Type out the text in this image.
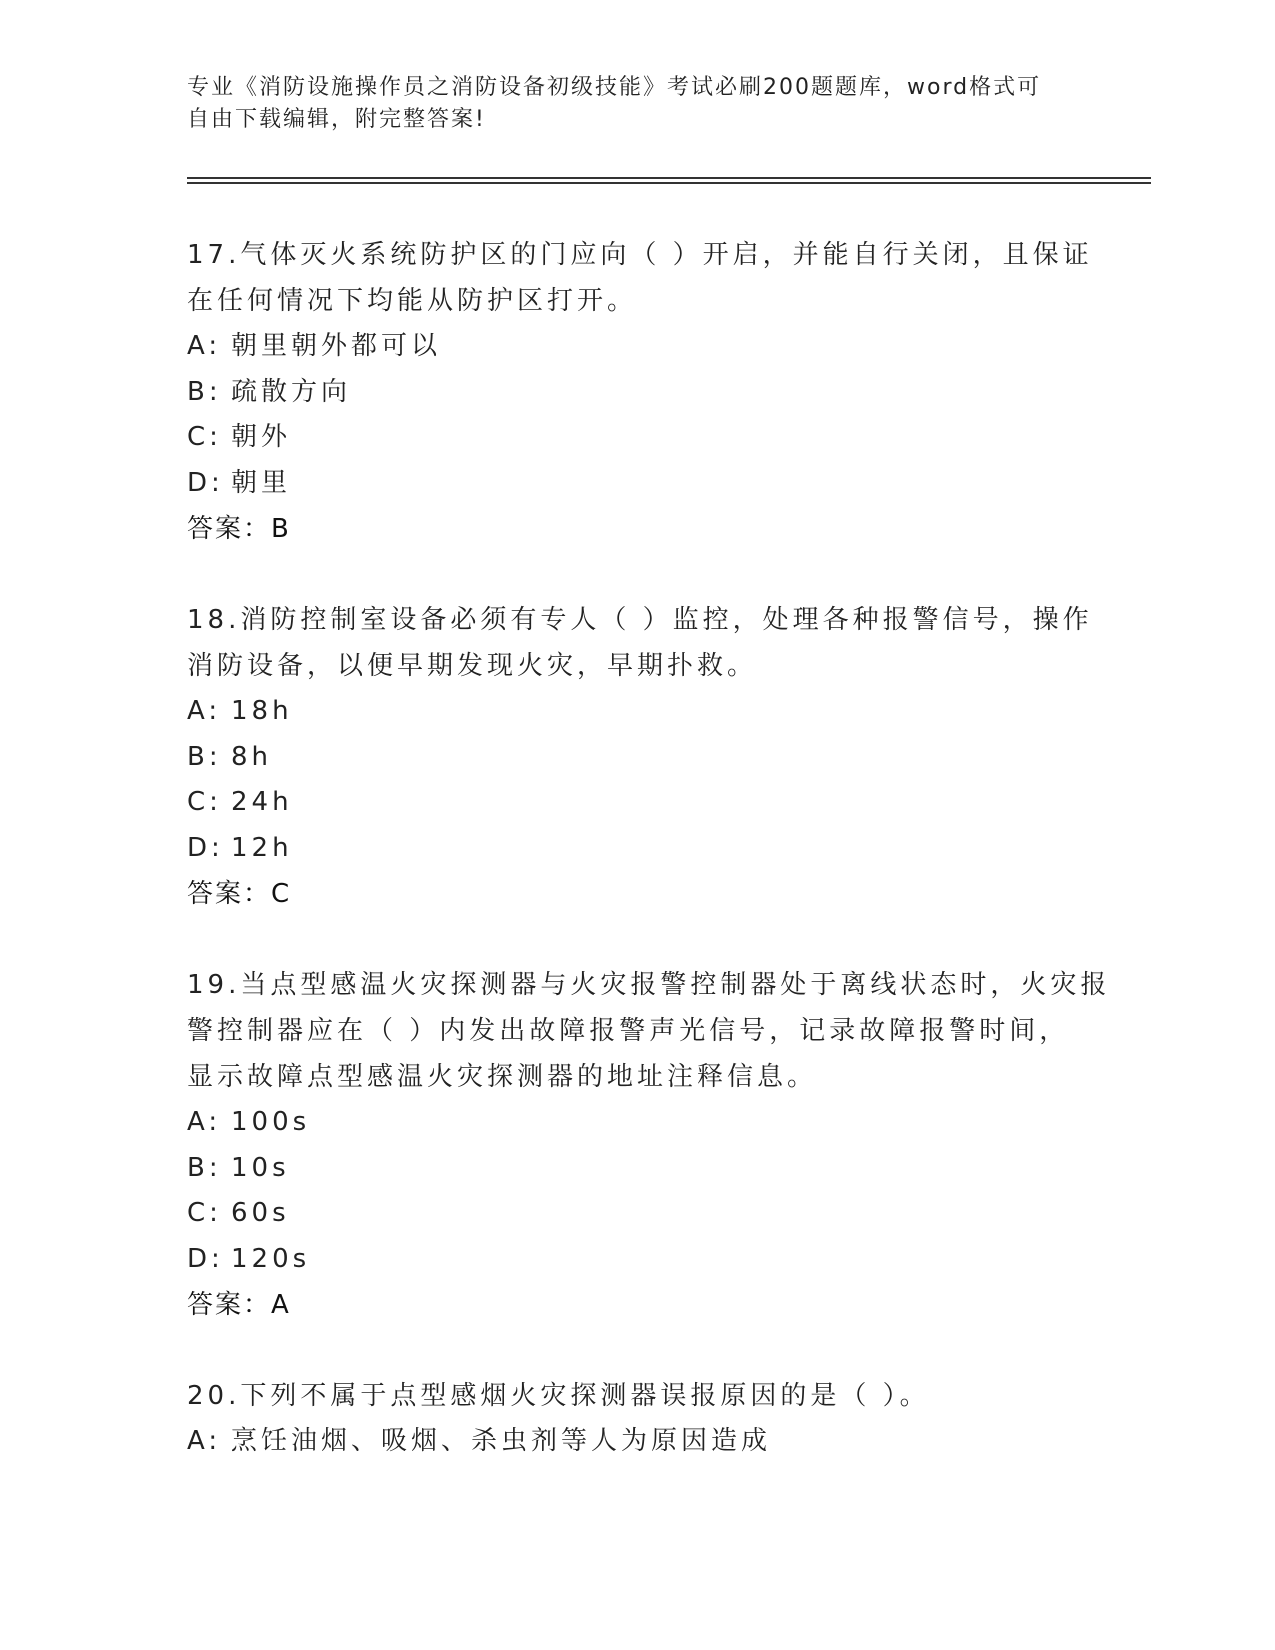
专业《消防设施操作员之消防设备初级技能》考试必刷200题题库，word格式可

自由下载编辑，附完整答案!

17.气体灭火系统防护区的门应向（ ）开启，并能自行关闭，且保证
在任何情况下均能从防护区打开。

A: 朝里朝外都可以

B: 疏散方向

C: 朝外

D: 朝里

答案：B

18.消防控制室设备必须有专人（ ）监控，处理各种报警信号，操作
消防设备，以便早期发现火灾，早期扑救。

A: 18h

B: 8h

C: 24h

D: 12h

答案：C

19.当点型感温火灾探测器与火灾报警控制器处于离线状态时，火灾报
警控制器应在（ ）内发出故障报警声光信号，记录故障报警时间，
显示故障点型感温火灾探测器的地址注释信息。

A: 100s

B: 10s

C: 60s

D: 120s

答案：A

20.下列不属于点型感烟火灾探测器误报原因的是（ ）。

A: 烹饪油烟、吸烟、杀虫剂等人为原因造成
